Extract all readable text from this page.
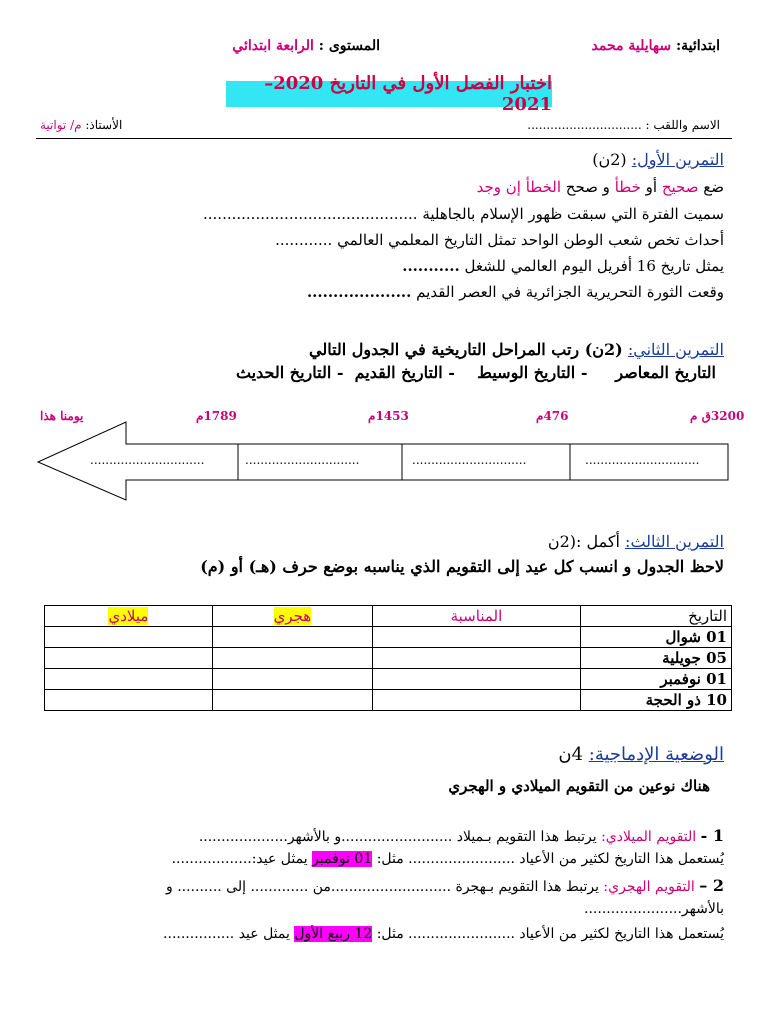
ابتدائية: سهايلية محمد
المستوى : الرابعة ابتدائي
اختبار الفصل الأول في التاريخ 2020–2021
الاسم واللقب : ..............................
الأستاذ: م/ تواتية
التمرين الأول: (2ن)
ضع صحيح أو خطأ و صحح الخطأ إن وجد
سميت الفترة التي سبقت ظهور الإسلام بالجاهلية .............................................
أحداث تخص شعب الوطن الواحد تمثل التاريخ المعلمي العالمي ............
يمثل تاريخ 16 أفريل اليوم العالمي للشغل ...........
وقعت الثورة التحريرية الجزائرية في العصر القديم ....................
التمرين الثاني: (2ن) رتب المراحل التاريخية في الجدول التالي
التاريخ المعاصر     - التاريخ الوسيط    - التاريخ القديم  - التاريخ الحديث
3200ق م
476م
1453م
1789م
يومنا هذا
..............................
..............................
..............................
..............................
التمرين الثالث: أكمل :(2ن
لاحظ الجدول و انسب كل عيد إلى التقويم الذي يناسبه بوضع حرف (هـ) أو (م)
التاريخ	المناسبة	هجري	ميلادي
01 شوال			
05 جويلية			
01 نوفمبر			
10 ذو الحجة			
الوضعية الإدماجية: 4ن
هناك نوعين من التقويم الميلادي و الهجري
1 - التقويم الميلادي: يرتبط هذا التقويم بـميلاد .........................و بالأشهر....................
يُستعمل هذا التاريخ لكثير من الأعياد ........................ مثل: 01 نوفمبر يمثل عيد:..................
2 – التقويم الهجري: يرتبط هذا التقويم بـهجرة ...........................من ............. إلى .......... و
بالأشهر......................
يُستعمل هذا التاريخ لكثير من الأعياد ........................ مثل: 12 ربيع الأول يمثل عيد ................
